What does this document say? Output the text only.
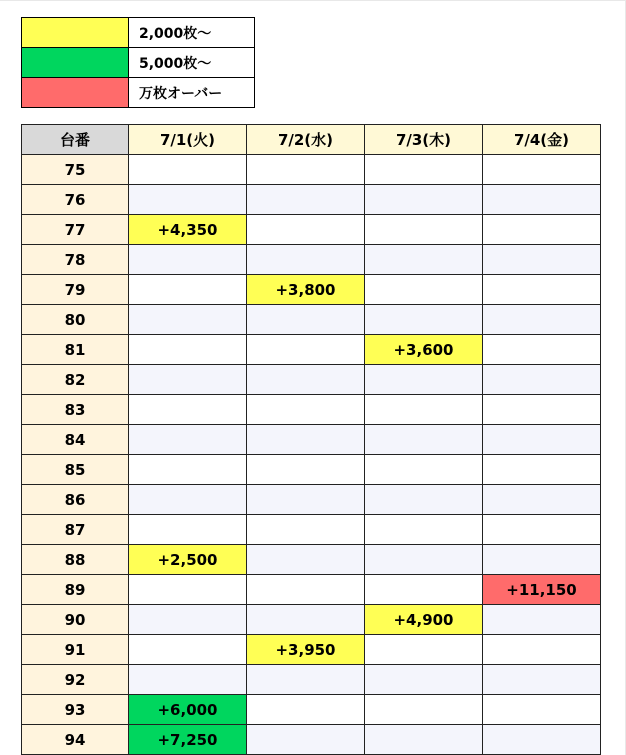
	2,000枚〜
	5,000枚〜
	万枚オーバー
台番	7/1(火)	7/2(水)	7/3(木)	7/4(金)
75				
76				
77	+4,350			
78				
79		+3,800		
80				
81			+3,600	
82				
83				
84				
85				
86				
87				
88	+2,500			
89				+11,150
90			+4,900	
91		+3,950		
92				
93	+6,000			
94	+7,250			
